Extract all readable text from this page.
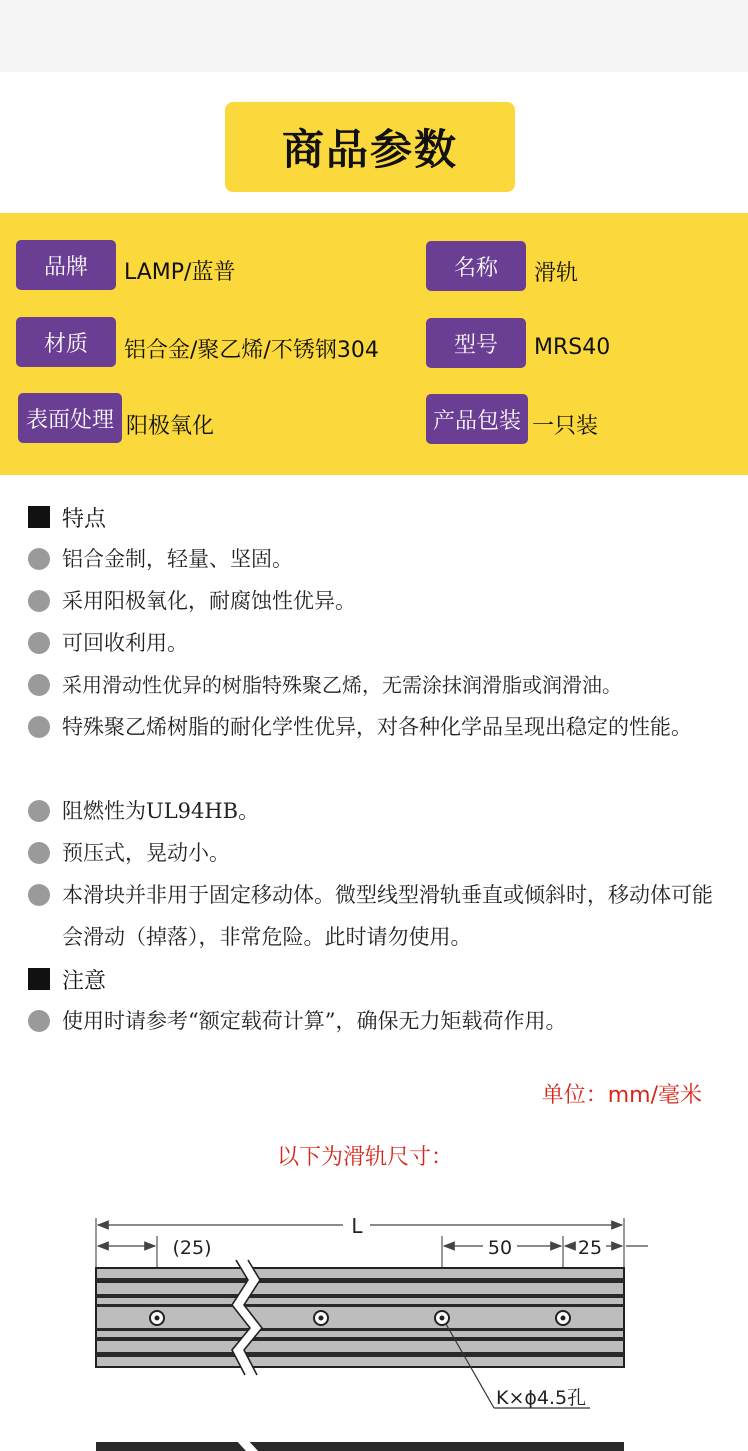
商品参数
品牌	LAMP/蓝普	名称	滑轨
材质	铝合金/聚乙烯/不锈钢304	型号	MRS40
表面处理 阳极氧化	产品包装 一只装
特点
铝合金制，轻量、坚固。
采用阳极氧化，耐腐蚀性优异。
可回收利用。
采用滑动性优异的树脂特殊聚乙烯，无需涂抹润滑脂或润滑油。
特殊聚乙烯树脂的耐化学性优异，对各种化学品呈现出稳定的性能。
阻燃性为UL94HB。
预压式，晃动小。
本滑块并非用于固定移动体。微型线型滑轨垂直或倾斜时，移动体可能会滑动（掉落），非常危险。此时请勿使用。
注意
使用时请参考“额定载荷计算”，确保无力矩载荷作用。
单位：mm/毫米
以下为滑轨尺寸：
L
(25)	50	25
K×ϕ4.5孔
